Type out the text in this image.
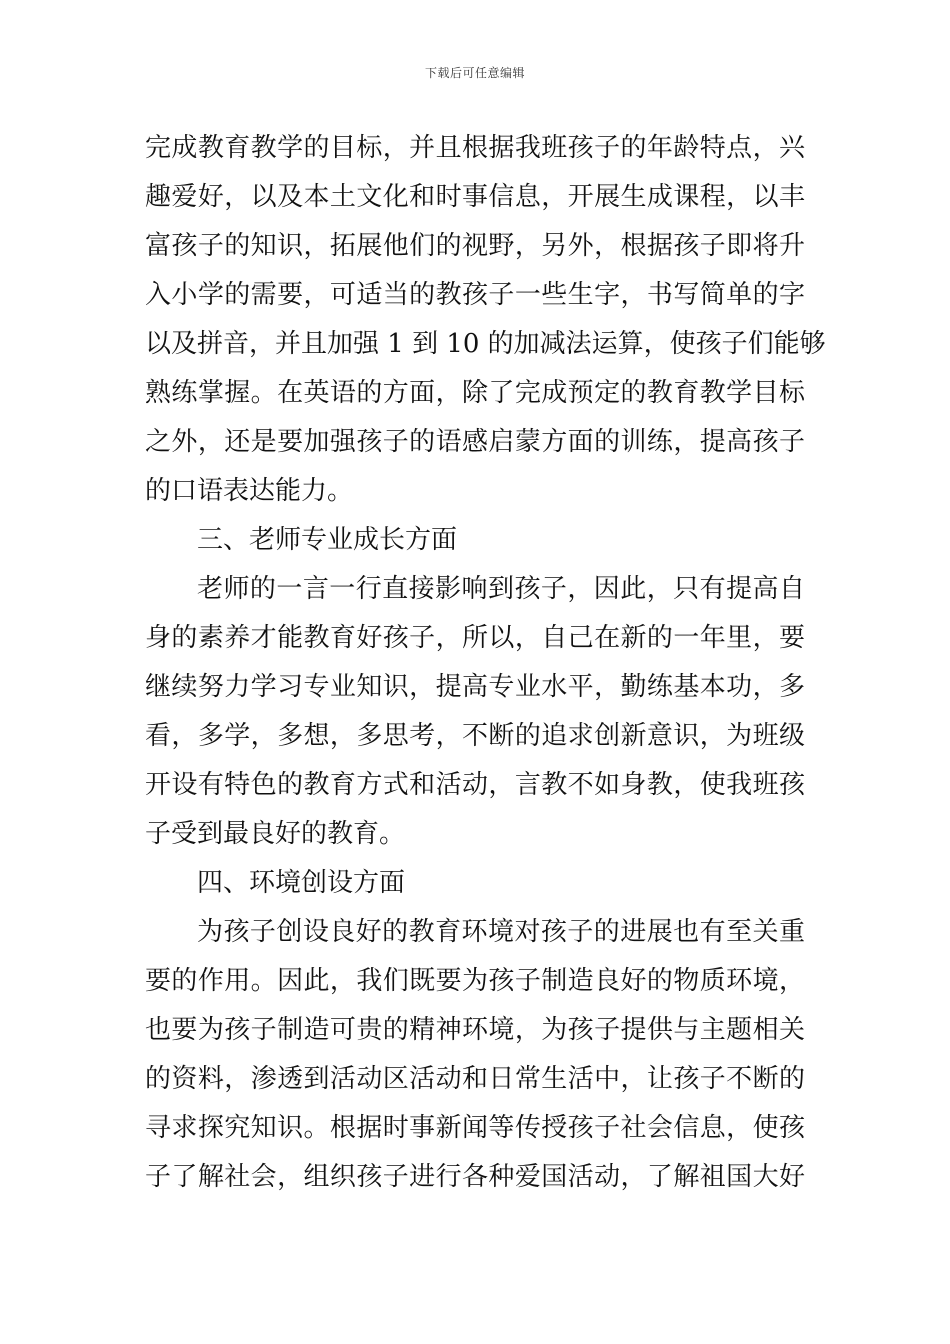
下载后可任意编辑
完成教育教学的目标，并且根据我班孩子的年龄特点，兴
趣爱好，以及本土文化和时事信息，开展生成课程，以丰
富孩子的知识，拓展他们的视野，另外，根据孩子即将升
入小学的需要，可适当的教孩子一些生字，书写简单的字
以及拼音，并且加强 1 到 10 的加减法运算，使孩子们能够
熟练掌握。在英语的方面，除了完成预定的教育教学目标
之外，还是要加强孩子的语感启蒙方面的训练，提高孩子
的口语表达能力。
三、老师专业成长方面
老师的一言一行直接影响到孩子，因此，只有提高自
身的素养才能教育好孩子，所以，自己在新的一年里，要
继续努力学习专业知识，提高专业水平，勤练基本功，多
看，多学，多想，多思考，不断的追求创新意识，为班级
开设有特色的教育方式和活动，言教不如身教，使我班孩
子受到最良好的教育。
四、环境创设方面
为孩子创设良好的教育环境对孩子的进展也有至关重
要的作用。因此，我们既要为孩子制造良好的物质环境，
也要为孩子制造可贵的精神环境，为孩子提供与主题相关
的资料，渗透到活动区活动和日常生活中，让孩子不断的
寻求探究知识。根据时事新闻等传授孩子社会信息，使孩
子了解社会，组织孩子进行各种爱国活动，了解祖国大好
